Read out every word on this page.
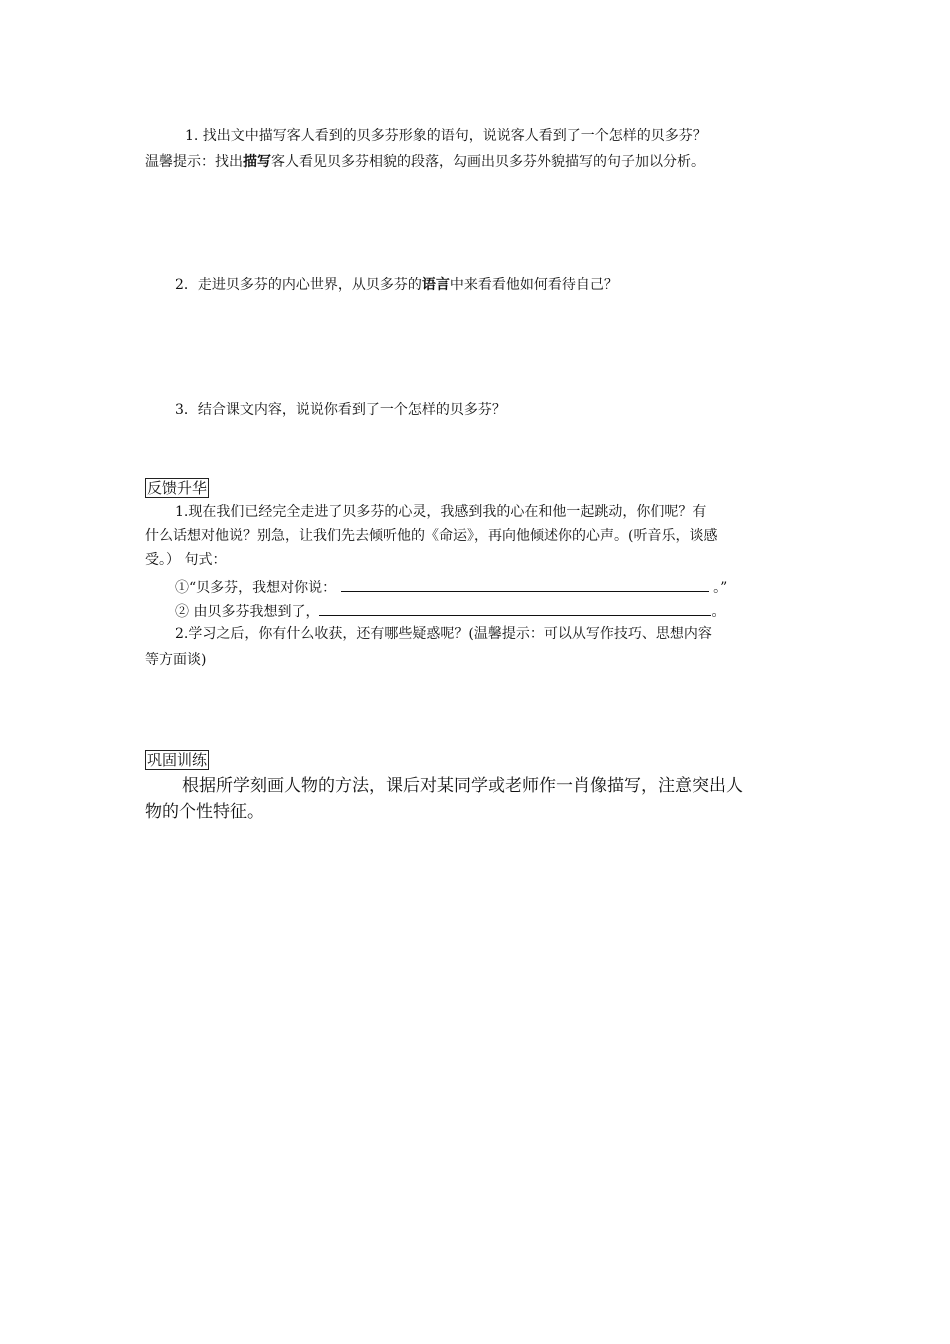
1. 找出文中描写客人看到的贝多芬形象的语句，说说客人看到了一个怎样的贝多芬？
温馨提示：找出描写客人看见贝多芬相貌的段落，勾画出贝多芬外貌描写的句子加以分析。
2．走进贝多芬的内心世界，从贝多芬的语言中来看看他如何看待自己？
3．结合课文内容，说说你看到了一个怎样的贝多芬？
反馈升华
1.现在我们已经完全走进了贝多芬的心灵，我感到我的心在和他一起跳动，你们呢？有
什么话想对他说？别急，让我们先去倾听他的《命运》，再向他倾述你的心声。(听音乐，谈感
受。） 句式：
①“贝多芬，我想对你说：	。”
② 由贝多芬我想到了，	。
2.学习之后，你有什么收获，还有哪些疑惑呢？(温馨提示：可以从写作技巧、思想内容
等方面谈)
巩固训练
根据所学刻画人物的方法，课后对某同学或老师作一肖像描写，注意突出人
物的个性特征。
